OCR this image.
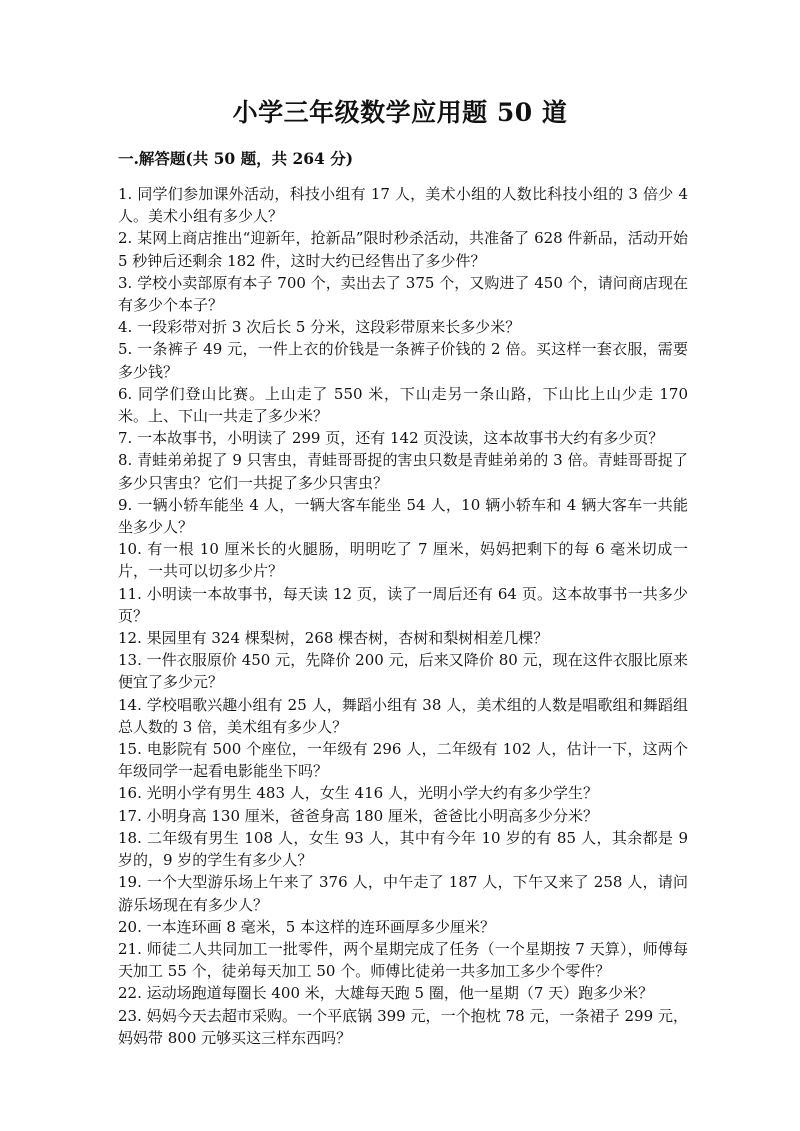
小学三年级数学应用题 50 道
一.解答题(共 50 题，共 264 分)
1. 同学们参加课外活动，科技小组有 17 人，美术小组的人数比科技小组的 3 倍少 4 人。美术小组有多少人？
2. 某网上商店推出“迎新年，抢新品”限时秒杀活动，共准备了 628 件新品，活动开始 5 秒钟后还剩余 182 件，这时大约已经售出了多少件？
3. 学校小卖部原有本子 700 个，卖出去了 375 个，又购进了 450 个，请问商店现在有多少个本子？
4. 一段彩带对折 3 次后长 5 分米，这段彩带原来长多少米？
5. 一条裤子 49 元，一件上衣的价钱是一条裤子价钱的 2 倍。买这样一套衣服，需要多少钱？
6. 同学们登山比赛。上山走了 550 米，下山走另一条山路，下山比上山少走 170 米。上、下山一共走了多少米？
7. 一本故事书，小明读了 299 页，还有 142 页没读，这本故事书大约有多少页？
8. 青蛙弟弟捉了 9 只害虫，青蛙哥哥捉的害虫只数是青蛙弟弟的 3 倍。青蛙哥哥捉了多少只害虫？它们一共捉了多少只害虫？
9. 一辆小轿车能坐 4 人，一辆大客车能坐 54 人，10 辆小轿车和 4 辆大客车一共能坐多少人？
10. 有一根 10 厘米长的火腿肠，明明吃了 7 厘米，妈妈把剩下的每 6 毫米切成一片，一共可以切多少片？
11. 小明读一本故事书，每天读 12 页，读了一周后还有 64 页。这本故事书一共多少页？
12. 果园里有 324 棵梨树，268 棵杏树，杏树和梨树相差几棵？
13. 一件衣服原价 450 元，先降价 200 元，后来又降价 80 元，现在这件衣服比原来便宜了多少元？
14. 学校唱歌兴趣小组有 25 人，舞蹈小组有 38 人，美术组的人数是唱歌组和舞蹈组总人数的 3 倍，美术组有多少人？
15. 电影院有 500 个座位，一年级有 296 人，二年级有 102 人，估计一下，这两个年级同学一起看电影能坐下吗？
16. 光明小学有男生 483 人，女生 416 人，光明小学大约有多少学生？
17. 小明身高 130 厘米，爸爸身高 180 厘米，爸爸比小明高多少分米？
18. 二年级有男生 108 人，女生 93 人，其中有今年 10 岁的有 85 人，其余都是 9 岁的，9 岁的学生有多少人？
19. 一个大型游乐场上午来了 376 人，中午走了 187 人，下午又来了 258 人，请问游乐场现在有多少人？
20. 一本连环画 8 毫米，5 本这样的连环画厚多少厘米？
21. 师徒二人共同加工一批零件，两个星期完成了任务（一个星期按 7 天算），师傅每天加工 55 个，徒弟每天加工 50 个。师傅比徒弟一共多加工多少个零件？
22. 运动场跑道每圈长 400 米，大雄每天跑 5 圈，他一星期（7 天）跑多少米？
23. 妈妈今天去超市采购。一个平底锅 399 元，一个抱枕 78 元，一条裙子 299 元，妈妈带 800 元够买这三样东西吗？
